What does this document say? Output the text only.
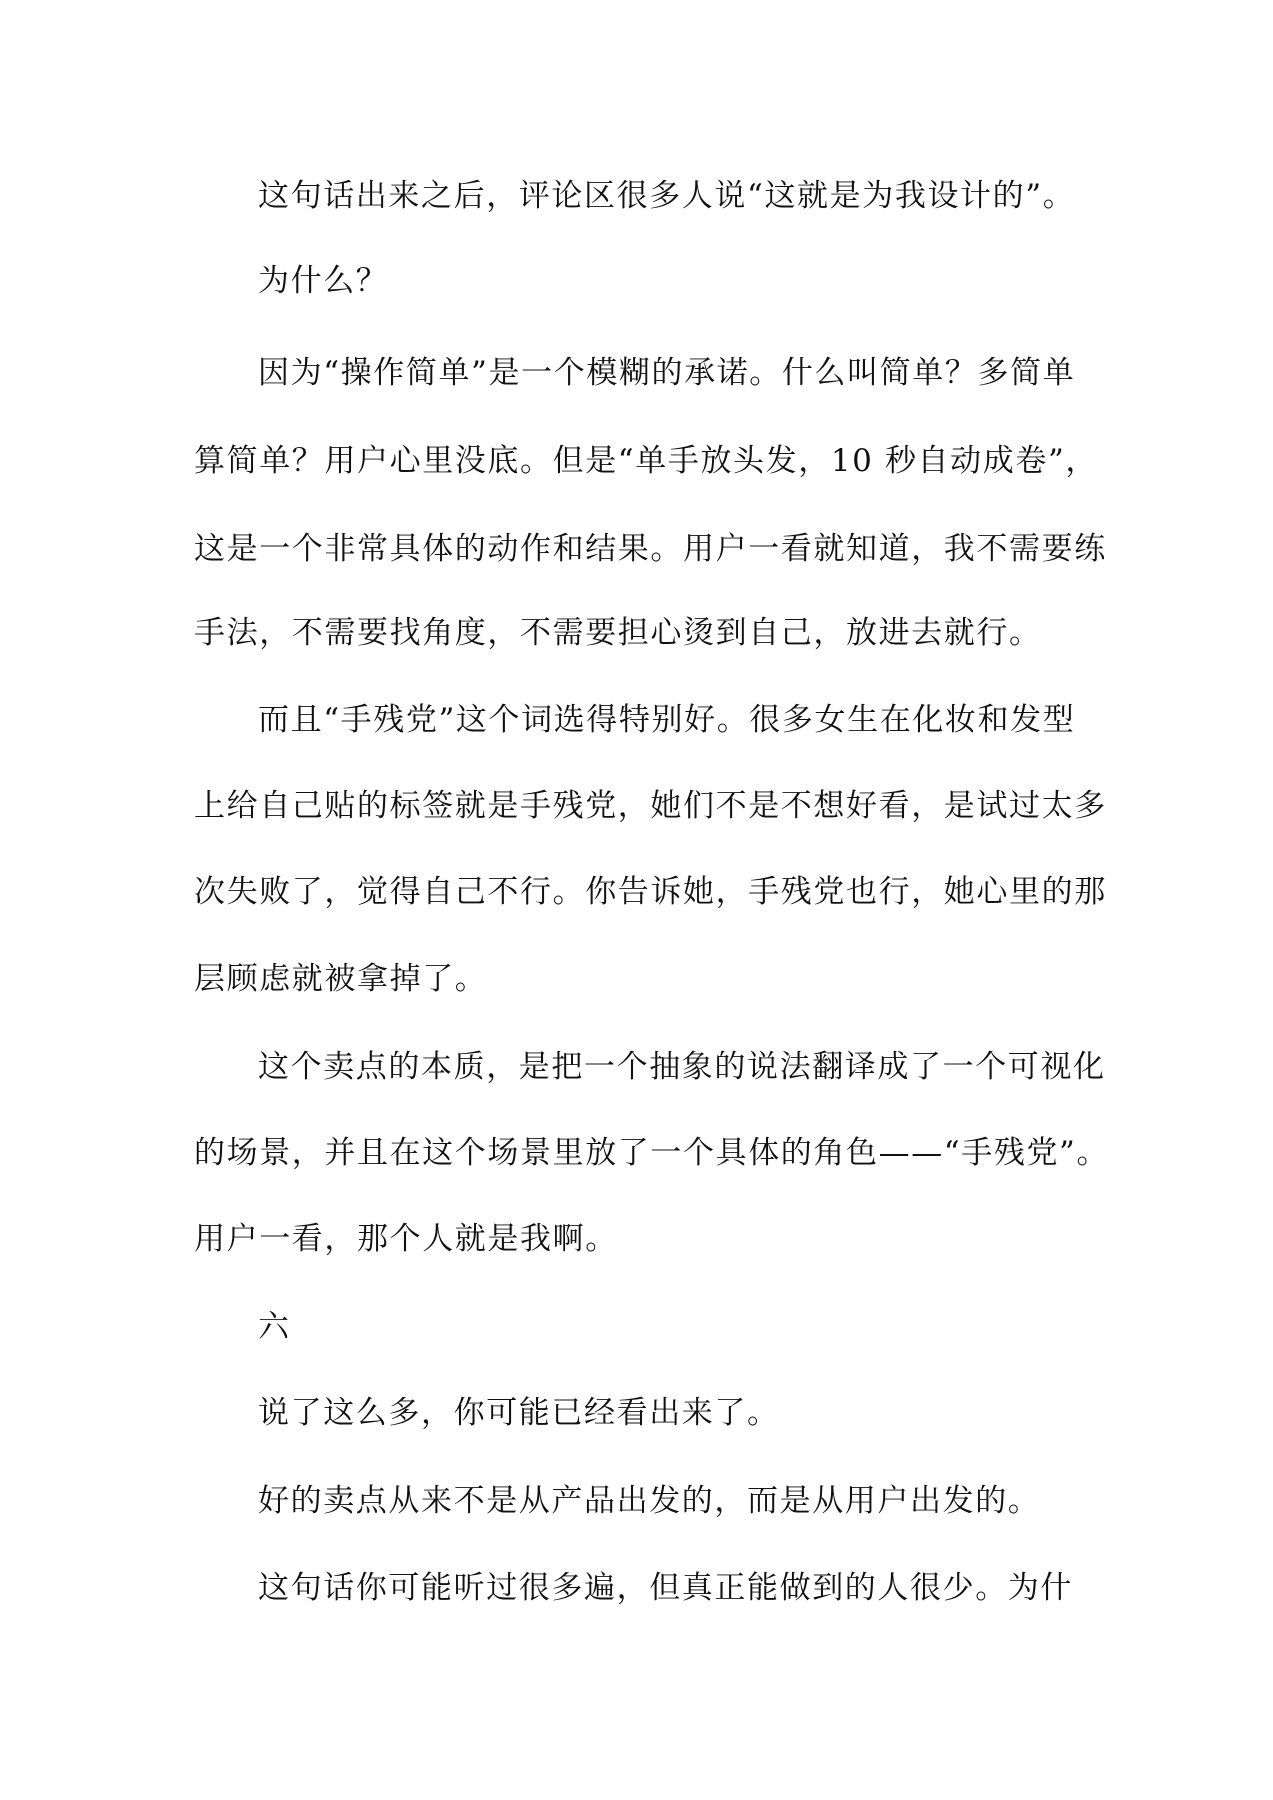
这句话出来之后，评论区很多人说“这就是为我设计的”。
为什么？
因为“操作简单”是一个模糊的承诺。什么叫简单？多简单
算简单？用户心里没底。但是“单手放头发，10 秒自动成卷”，
这是一个非常具体的动作和结果。用户一看就知道，我不需要练
手法，不需要找角度，不需要担心烫到自己，放进去就行。
而且“手残党”这个词选得特别好。很多女生在化妆和发型
上给自己贴的标签就是手残党，她们不是不想好看，是试过太多
次失败了，觉得自己不行。你告诉她，手残党也行，她心里的那
层顾虑就被拿掉了。
这个卖点的本质，是把一个抽象的说法翻译成了一个可视化
的场景，并且在这个场景里放了一个具体的角色——“手残党”。
用户一看，那个人就是我啊。
六
说了这么多，你可能已经看出来了。
好的卖点从来不是从产品出发的，而是从用户出发的。
这句话你可能听过很多遍，但真正能做到的人很少。为什
